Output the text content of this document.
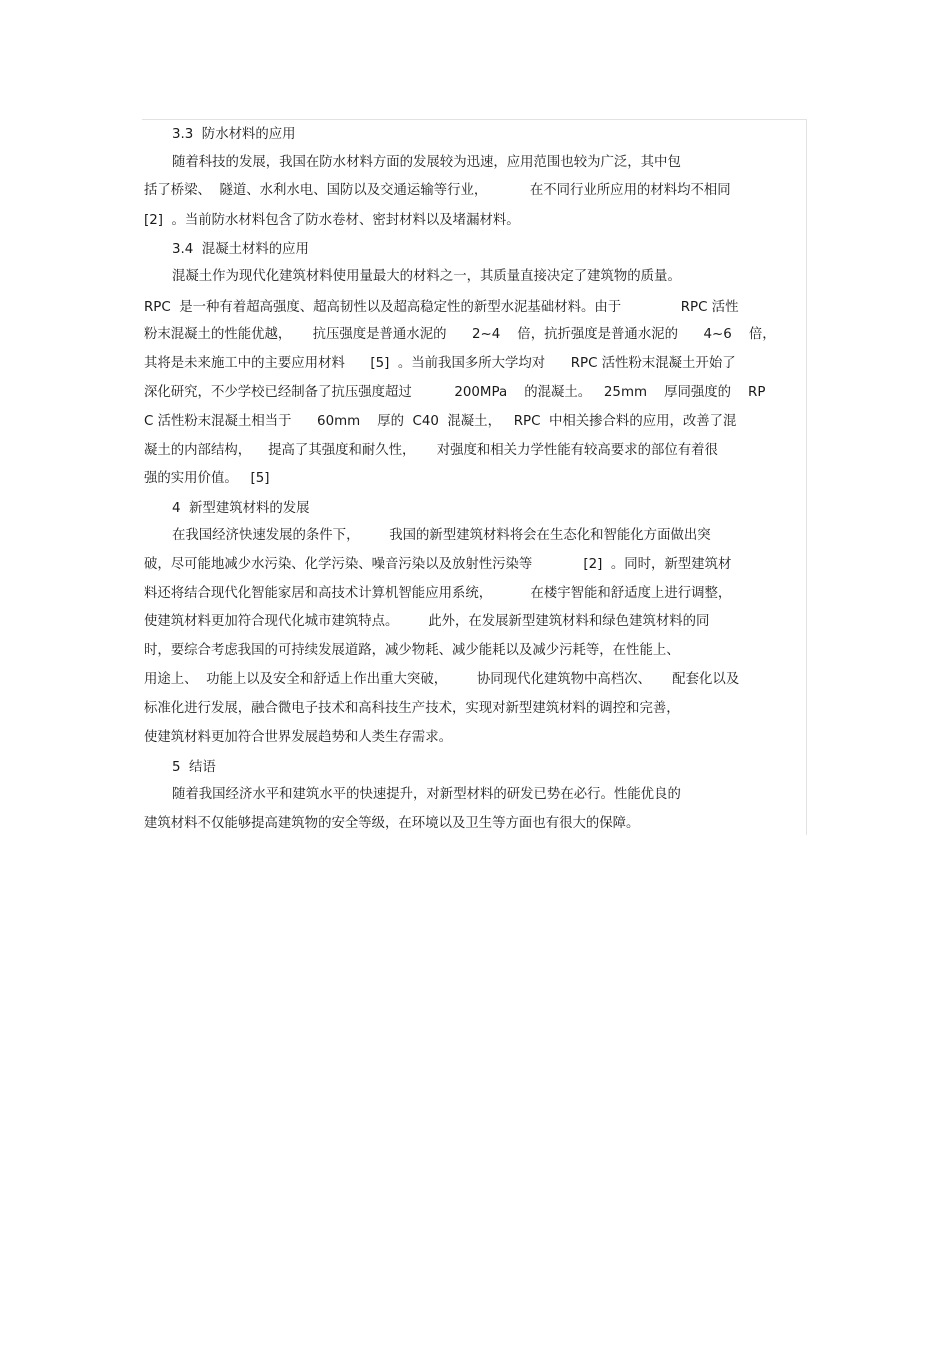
3.3  防水材料的应用
随着科技的发展，我国在防水材料方面的发展较为迅速，应用范围也较为广泛，其中包
括了桥梁、  隧道、水利水电、国防以及交通运输等行业，          在不同行业所应用的材料均不相同
[2]  。当前防水材料包含了防水卷材、密封材料以及堵漏材料。
3.4  混凝土材料的应用
混凝土作为现代化建筑材料使用量最大的材料之一，其质量直接决定了建筑物的质量。
RPC  是一种有着超高强度、超高韧性以及超高稳定性的新型水泥基础材料。由于              RPC 活性
粉末混凝土的性能优越，     抗压强度是普通水泥的      2~4    倍，抗折强度是普通水泥的      4~6    倍，
其将是未来施工中的主要应用材料      [5]  。当前我国多所大学均对      RPC 活性粉末混凝土开始了
深化研究，不少学校已经制备了抗压强度超过          200MPa    的混凝土。   25mm    厚同强度的    RP
C 活性粉末混凝土相当于      60mm    厚的  C40  混凝土，   RPC  中相关掺合料的应用，改善了混
凝土的内部结构，    提高了其强度和耐久性，     对强度和相关力学性能有较高要求的部位有着很
强的实用价值。   [5]
4  新型建筑材料的发展
在我国经济快速发展的条件下，       我国的新型建筑材料将会在生态化和智能化方面做出突
破，尽可能地减少水污染、化学污染、噪音污染以及放射性污染等            [2]  。同时，新型建筑材
料还将结合现代化智能家居和高技术计算机智能应用系统，         在楼宇智能和舒适度上进行调整，
使建筑材料更加符合现代化城市建筑特点。       此外，在发展新型建筑材料和绿色建筑材料的同
时，要综合考虑我国的可持续发展道路，减少物耗、减少能耗以及减少污耗等，在性能上、
用途上、  功能上以及安全和舒适上作出重大突破，       协同现代化建筑物中高档次、     配套化以及
标准化进行发展，融合微电子技术和高科技生产技术，实现对新型建筑材料的调控和完善，
使建筑材料更加符合世界发展趋势和人类生存需求。
5  结语
随着我国经济水平和建筑水平的快速提升，对新型材料的研发已势在必行。性能优良的
建筑材料不仅能够提高建筑物的安全等级，在环境以及卫生等方面也有很大的保障。
